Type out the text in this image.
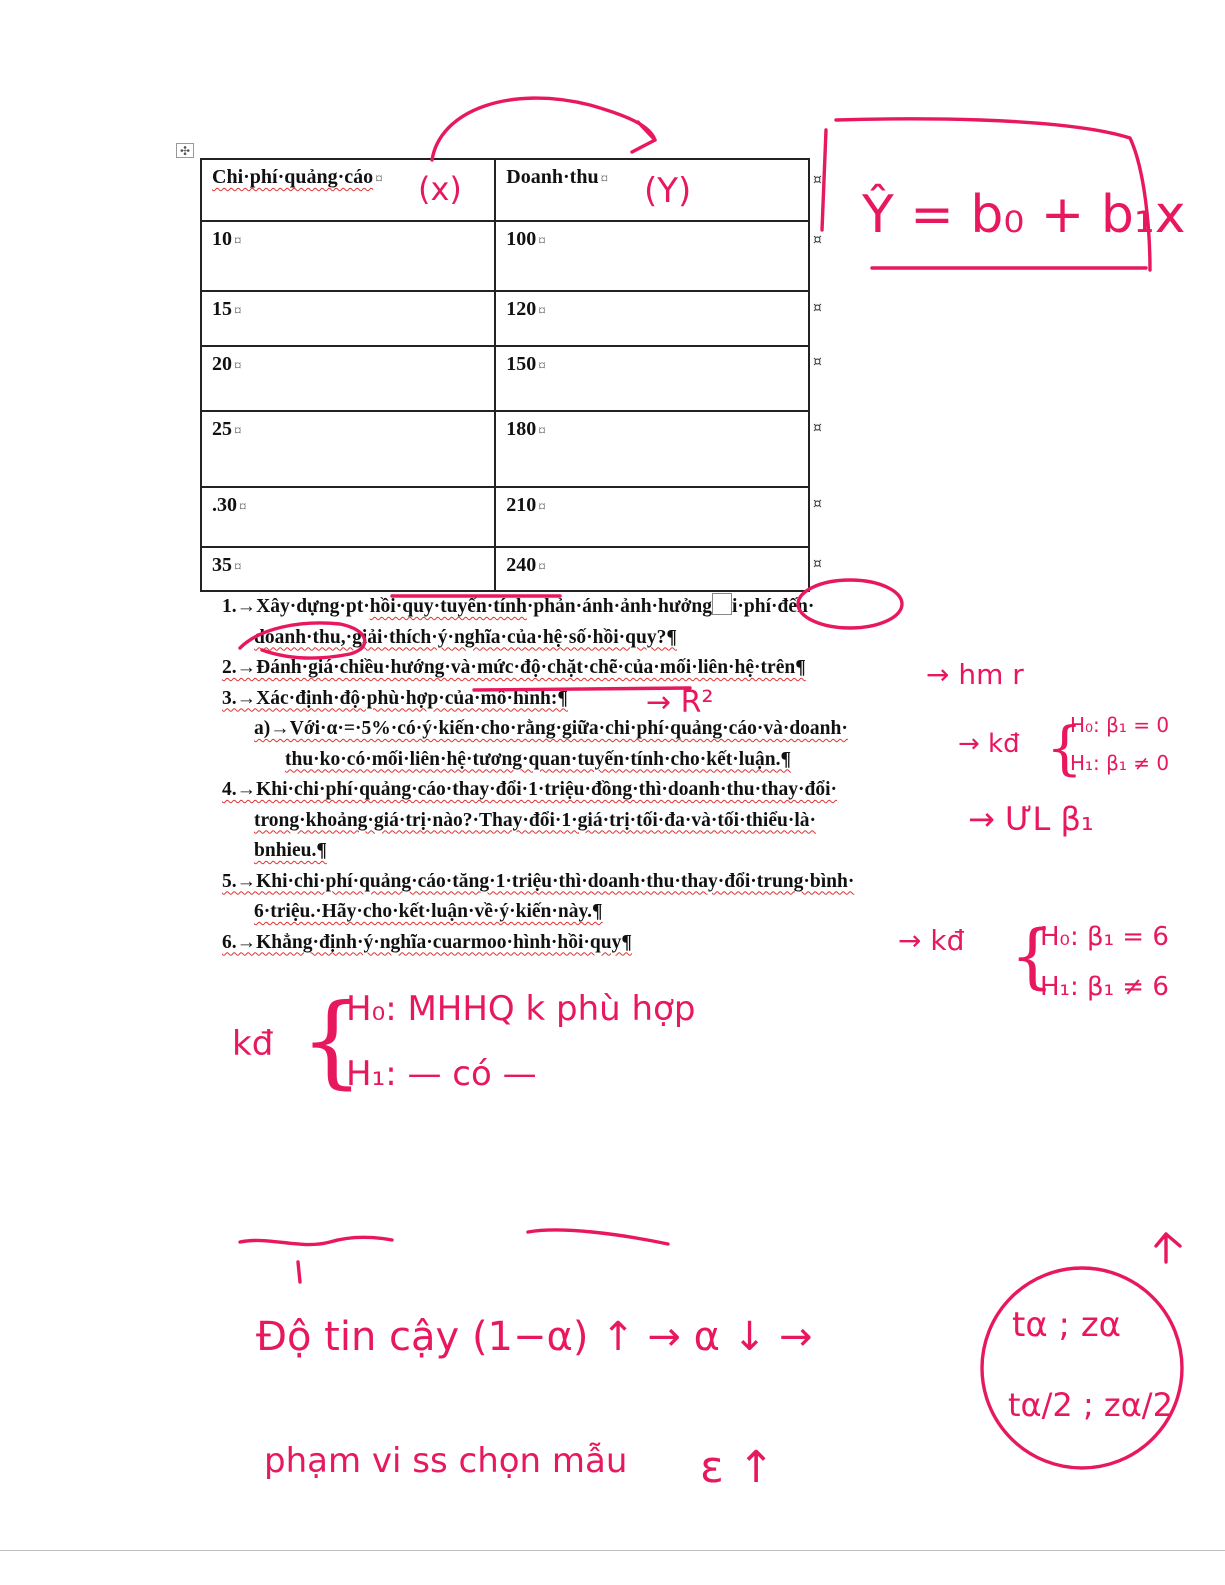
✣
Chi·phí·quảng·cáo ¤	Doanh·thu ¤
10 ¤	100 ¤
15 ¤	120 ¤
20 ¤	150 ¤
25 ¤	180 ¤
.30 ¤	210 ¤
35 ¤	240 ¤
¤
¤
¤
¤
¤
¤
¤
1.→Xây·dựng·pt·hồi·quy·tuyến·tính·phản·ánh·ảnh·hưởng i·phí·đến·
doanh·thu,·giải·thích·ý·nghĩa·của·hệ·số·hồi·quy?¶
2.→Đánh·giá·chiều·hướng·và·mức·độ·chặt·chẽ·của·mối·liên·hệ·trên¶
3.→Xác·định·độ·phù·hợp·của·mô·hình:¶
a)→Với·α·=·5%·có·ý·kiến·cho·rằng·giữa·chi·phí·quảng·cáo·và·doanh·
thu·ko·có·mối·liên·hệ·tương·quan·tuyến·tính·cho·kết·luận.¶
4.→Khi·chi·phí·quảng·cáo·thay·đổi·1·triệu·đồng·thì·doanh·thu·thay·đổi·
trong·khoảng·giá·trị·nào?·Thay·đổi·1·giá·trị·tối·đa·và·tối·thiểu·là·
bnhieu.¶
5.→Khi·chi·phí·quảng·cáo·tăng·1·triệu·thì·doanh·thu·thay·đổi·trung·bình·
6·triệu.·Hãy·cho·kết·luận·về·ý·kiến·này.¶
6.→Khẳng·định·ý·nghĩa·cuarmoo·hình·hồi·quy¶
(x)	(Y)	Ŷ = b₀ + b₁x
→ hm r
→ R²
→ kđ {
H₀: β₁ = 0
H₁: β₁ ≠ 0
→ ƯL β₁
→ kđ {
H₀: β₁ = 6
H₁: β₁ ≠ 6
kđ {
H₀: MHHQ k phù hợp
H₁: — có —
Độ tin cậy (1−α) ↑ → α ↓ →	tα ; zα
tα/2 ; zα/2
phạm vi ss chọn mẫu ε ↑
